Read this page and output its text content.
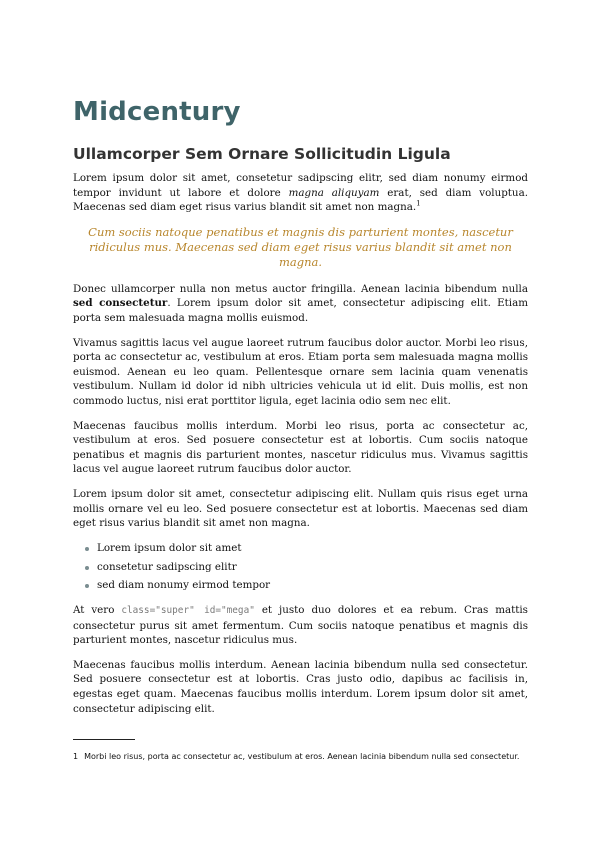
Midcentury
Ullamcorper Sem Ornare Sollicitudin Ligula

Lorem ipsum dolor sit amet, consetetur sadipscing elitr, sed diam nonumy eirmod tempor invidunt ut labore et dolore magna aliquyam erat, sed diam voluptua. Maecenas sed diam eget risus varius blandit sit amet non magna.$^1$

Cum sociis natoque penatibus et magnis dis parturient montes, nascetur ridiculus mus. Maecenas sed diam eget risus varius blandit sit amet non magna.

Donec ullamcorper nulla non metus auctor fringilla. Aenean lacinia bibendum nulla sed consectetur. Lorem ipsum dolor sit amet, consectetur adipiscing elit. Etiam porta sem malesuada magna mollis euismod.

Vivamus sagittis lacus vel augue laoreet rutrum faucibus dolor auctor. Morbi leo risus, porta ac consectetur ac, vestibulum at eros. Etiam porta sem malesuada magna mollis euismod. Aenean eu leo quam. Pellentesque ornare sem lacinia quam venenatis vestibulum. Nullam id dolor id nibh ultricies vehicula ut id elit. Duis mollis, est non commodo luctus, nisi erat porttitor ligula, eget lacinia odio sem nec elit.

Maecenas faucibus mollis interdum. Morbi leo risus, porta ac consectetur ac, vestibulum at eros. Sed posuere consectetur est at lobortis. Cum sociis natoque penatibus et magnis dis parturient montes, nascetur ridiculus mus. Vivamus sagittis lacus vel augue laoreet rutrum faucibus dolor auctor.

Lorem ipsum dolor sit amet, consectetur adipiscing elit. Nullam quis risus eget urna mollis ornare vel eu leo. Sed posuere consectetur est at lobortis. Maecenas sed diam eget risus varius blandit sit amet non magna.

Lorem ipsum dolor sit amet
consetetur sadipscing elitr
sed diam nonumy eirmod tempor

At vero class="super" id="mega" et justo duo dolores et ea rebum. Cras mattis consectetur purus sit amet fermentum. Cum sociis natoque penatibus et magnis dis parturient montes, nascetur ridiculus mus.

Maecenas faucibus mollis interdum. Aenean lacinia bibendum nulla sed consectetur. Sed posuere consectetur est at lobortis. Cras justo odio, dapibus ac facilisis in, egestas eget quam. Maecenas faucibus mollis interdum. Lorem ipsum dolor sit amet, consectetur adipiscing elit.

1 Morbi leo risus, porta ac consectetur ac, vestibulum at eros. Aenean lacinia bibendum nulla sed consectetur.
